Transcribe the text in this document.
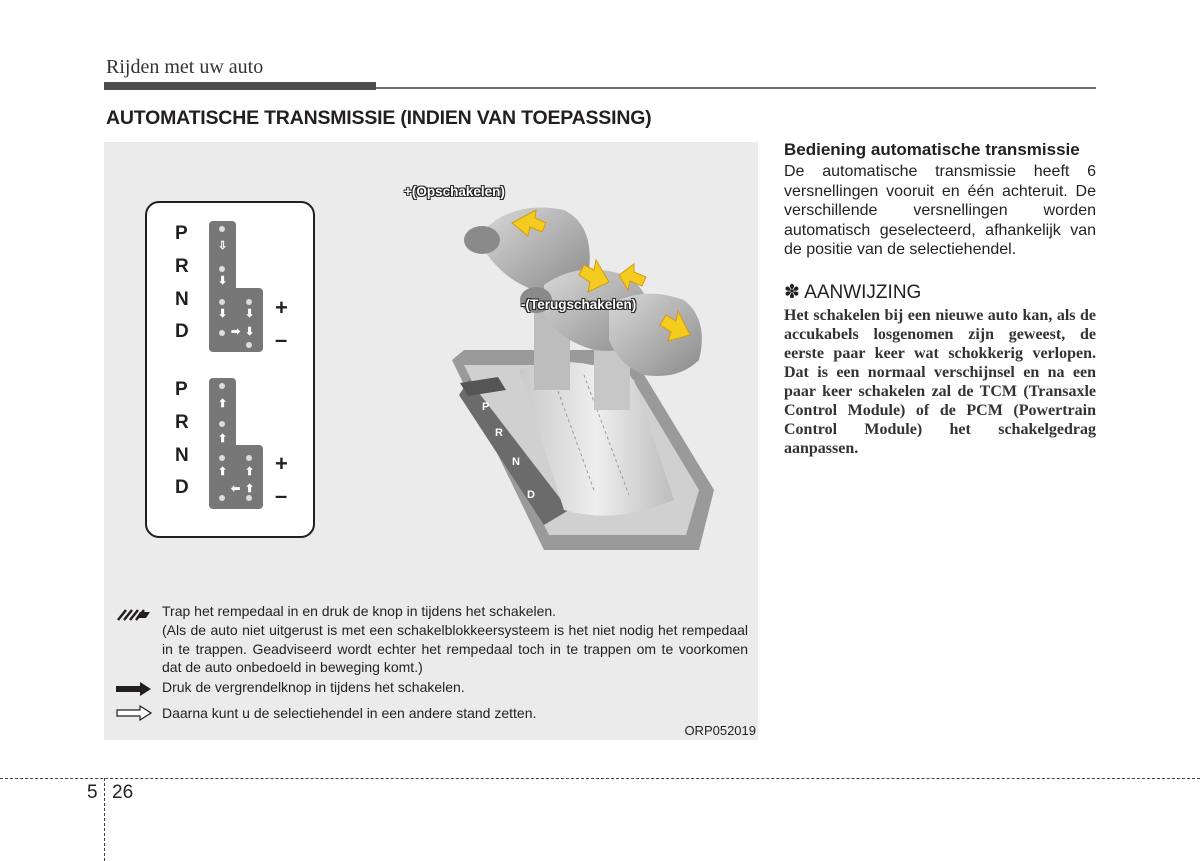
Rijden met uw auto
AUTOMATISCHE TRANSMISSIE (INDIEN VAN TOEPASSING)
P
R
N
D
⇩
⬇
⬇
➡
⬇
⬇
+
–
P
R
N
D
⬆
⬆
⬆
⬅
⬆
⬆
+
–
P
R
N
D
+(Opschakelen)
-(Terugschakelen)
Trap het rempedaal in en druk de knop in tijdens het schakelen.
(Als de auto niet uitgerust is met een schakelblokkeersysteem is het niet nodig het rempedaal in te trappen. Geadviseerd wordt echter het rempedaal toch in te trappen om te voorkomen dat de auto onbedoeld in beweging komt.)
Druk de vergrendelknop in tijdens het schakelen.
Daarna kunt u de selectiehendel in een andere stand zetten.
ORP052019
Bediening automatische transmissie

De automatische transmissie heeft 6 versnellingen vooruit en één achteruit. De verschillende versnellingen worden automatisch geselecteerd, afhankelijk van de positie van de selectiehendel.

✽ AANWIJZING

Het schakelen bij een nieuwe auto kan, als de accukabels losgenomen zijn geweest, de eerste paar keer wat schokkerig verlopen. Dat is een normaal verschijnsel en na een paar keer schakelen zal de TCM (Transaxle Control Module) of de PCM (Powertrain Control Module) het schakelgedrag aanpassen.

5 26
